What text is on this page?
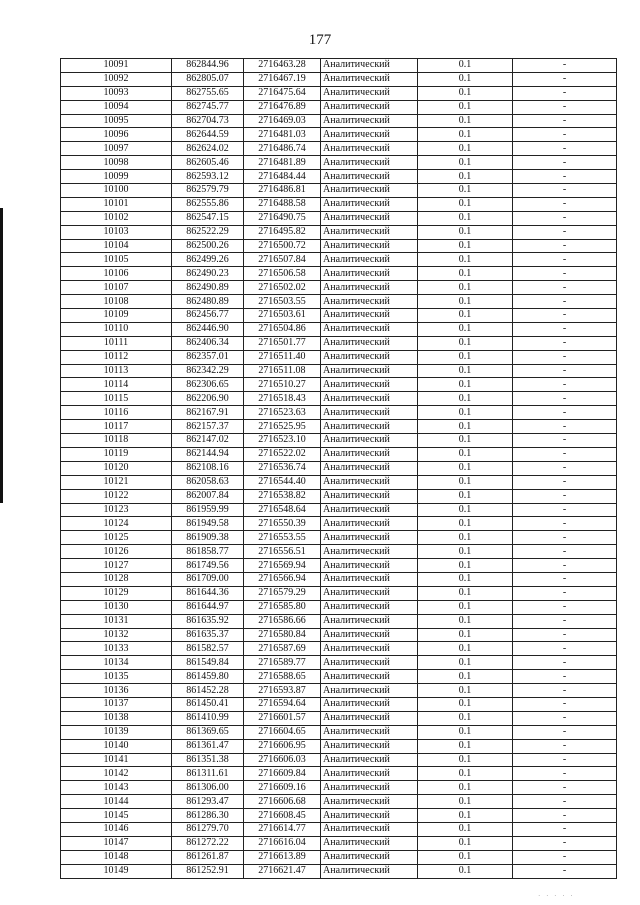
177
10091	862844.96	2716463.28	Аналитический	0.1	-
10092	862805.07	2716467.19	Аналитический	0.1	-
10093	862755.65	2716475.64	Аналитический	0.1	-
10094	862745.77	2716476.89	Аналитический	0.1	-
10095	862704.73	2716469.03	Аналитический	0.1	-
10096	862644.59	2716481.03	Аналитический	0.1	-
10097	862624.02	2716486.74	Аналитический	0.1	-
10098	862605.46	2716481.89	Аналитический	0.1	-
10099	862593.12	2716484.44	Аналитический	0.1	-
10100	862579.79	2716486.81	Аналитический	0.1	-
10101	862555.86	2716488.58	Аналитический	0.1	-
10102	862547.15	2716490.75	Аналитический	0.1	-
10103	862522.29	2716495.82	Аналитический	0.1	-
10104	862500.26	2716500.72	Аналитический	0.1	-
10105	862499.26	2716507.84	Аналитический	0.1	-
10106	862490.23	2716506.58	Аналитический	0.1	-
10107	862490.89	2716502.02	Аналитический	0.1	-
10108	862480.89	2716503.55	Аналитический	0.1	-
10109	862456.77	2716503.61	Аналитический	0.1	-
10110	862446.90	2716504.86	Аналитический	0.1	-
10111	862406.34	2716501.77	Аналитический	0.1	-
10112	862357.01	2716511.40	Аналитический	0.1	-
10113	862342.29	2716511.08	Аналитический	0.1	-
10114	862306.65	2716510.27	Аналитический	0.1	-
10115	862206.90	2716518.43	Аналитический	0.1	-
10116	862167.91	2716523.63	Аналитический	0.1	-
10117	862157.37	2716525.95	Аналитический	0.1	-
10118	862147.02	2716523.10	Аналитический	0.1	-
10119	862144.94	2716522.02	Аналитический	0.1	-
10120	862108.16	2716536.74	Аналитический	0.1	-
10121	862058.63	2716544.40	Аналитический	0.1	-
10122	862007.84	2716538.82	Аналитический	0.1	-
10123	861959.99	2716548.64	Аналитический	0.1	-
10124	861949.58	2716550.39	Аналитический	0.1	-
10125	861909.38	2716553.55	Аналитический	0.1	-
10126	861858.77	2716556.51	Аналитический	0.1	-
10127	861749.56	2716569.94	Аналитический	0.1	-
10128	861709.00	2716566.94	Аналитический	0.1	-
10129	861644.36	2716579.29	Аналитический	0.1	-
10130	861644.97	2716585.80	Аналитический	0.1	-
10131	861635.92	2716586.66	Аналитический	0.1	-
10132	861635.37	2716580.84	Аналитический	0.1	-
10133	861582.57	2716587.69	Аналитический	0.1	-
10134	861549.84	2716589.77	Аналитический	0.1	-
10135	861459.80	2716588.65	Аналитический	0.1	-
10136	861452.28	2716593.87	Аналитический	0.1	-
10137	861450.41	2716594.64	Аналитический	0.1	-
10138	861410.99	2716601.57	Аналитический	0.1	-
10139	861369.65	2716604.65	Аналитический	0.1	-
10140	861361.47	2716606.95	Аналитический	0.1	-
10141	861351.38	2716606.03	Аналитический	0.1	-
10142	861311.61	2716609.84	Аналитический	0.1	-
10143	861306.00	2716609.16	Аналитический	0.1	-
10144	861293.47	2716606.68	Аналитический	0.1	-
10145	861286.30	2716608.45	Аналитический	0.1	-
10146	861279.70	2716614.77	Аналитический	0.1	-
10147	861272.22	2716616.04	Аналитический	0.1	-
10148	861261.87	2716613.89	Аналитический	0.1	-
10149	861252.91	2716621.47	Аналитический	0.1	-
· · · · ·
